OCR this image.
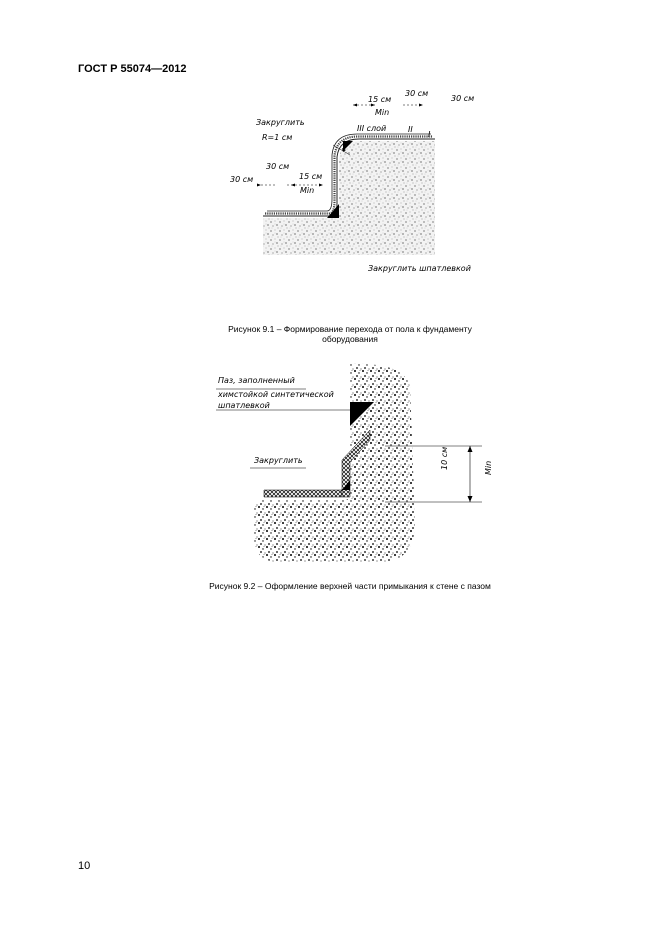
ГОСТ Р 55074—2012
Закруглить
R=1 см
15 см
Min
30 см
30 см
III слой	II
I
30 см
30 см	15 см
Min
Закруглить шпатлевкой
Рисунок 9.1 – Формирование перехода от пола к фундаменту
оборудования
Паз, заполненный
химстойкой синтетической
шпатлевкой
Закруглить	10 см	Min
Рисунок 9.2 – Оформление верхней части примыкания к стене с пазом
10
